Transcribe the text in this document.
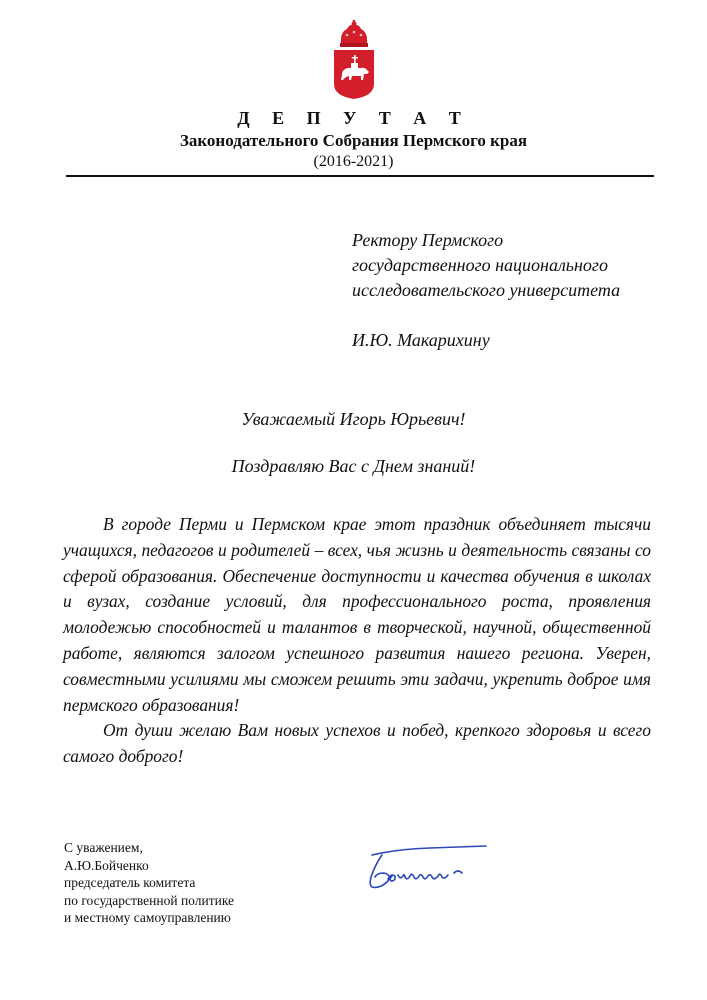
Д Е П У Т А Т
Законодательного Собрания Пермского края
(2016-2021)
Ректору Пермского
государственного национального
исследовательского университета
И.Ю. Макарихину
Уважаемый Игорь Юрьевич!
Поздравляю Вас с Днем знаний!

В городе Перми и Пермском крае этот праздник объединяет тысячи учащихся, педагогов и родителей – всех, чья жизнь и деятельность связаны со сферой образования. Обеспечение доступности и качества обучения в школах и вузах, создание условий, для профессионального роста, проявления молодежью способностей и талантов в творческой, научной, общественной работе, являются залогом успешного развития нашего региона. Уверен, совместными усилиями мы сможем решить эти задачи, укрепить доброе имя пермского образования!

От души желаю Вам новых успехов и побед, крепкого здоровья и всего самого доброго!

С уважением,
А.Ю.Бойченко
председатель комитета
по государственной политике
и местному самоуправлению
